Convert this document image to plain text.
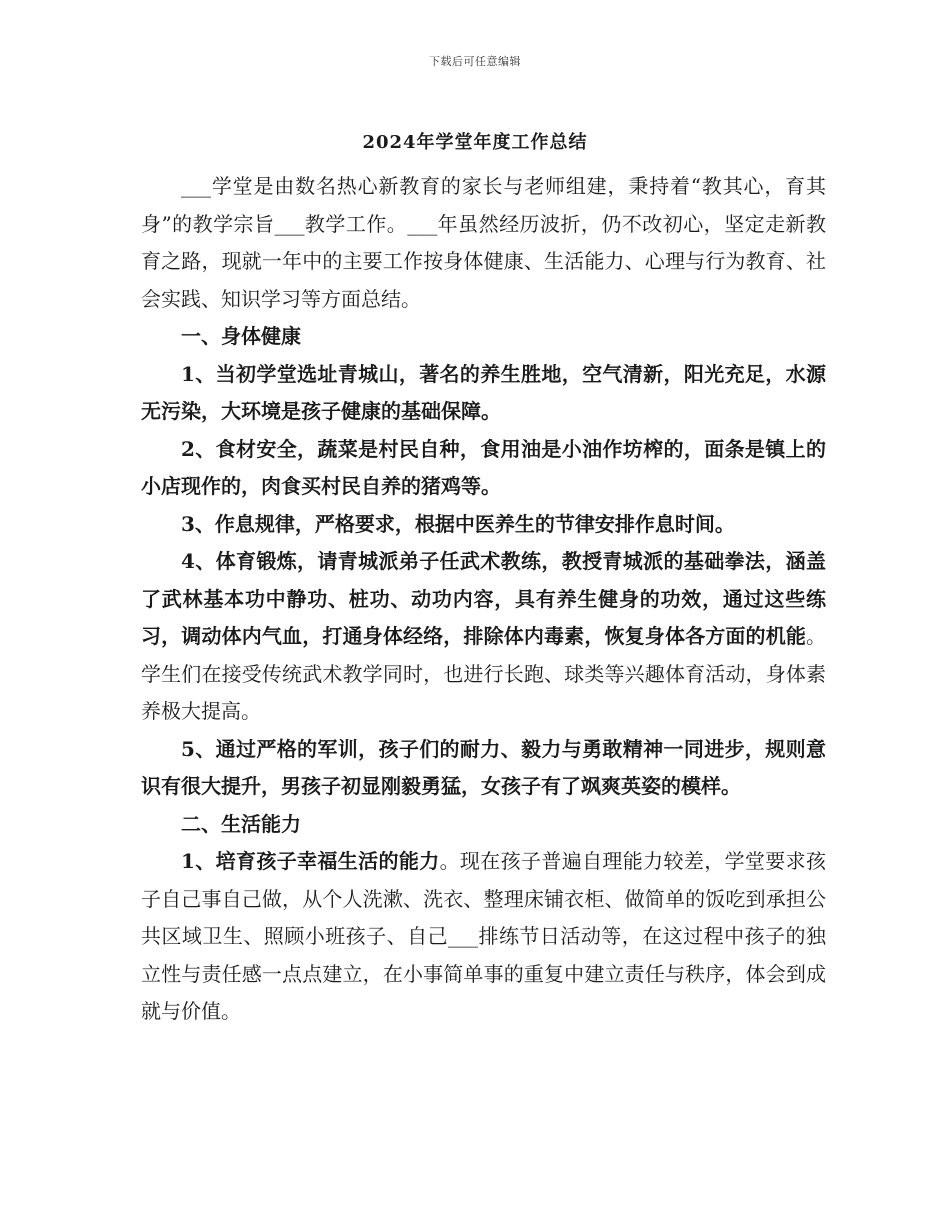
下载后可任意编辑
2024年学堂年度工作总结

___学堂是由数名热心新教育的家长与老师组建，秉持着“教其心，育其身”的教学宗旨___教学工作。___年虽然经历波折，仍不改初心，坚定走新教育之路，现就一年中的主要工作按身体健康、生活能力、心理与行为教育、社会实践、知识学习等方面总结。

一、身体健康

1、当初学堂选址青城山，著名的养生胜地，空气清新，阳光充足，水源无污染，大环境是孩子健康的基础保障。

2、食材安全，蔬菜是村民自种，食用油是小油作坊榨的，面条是镇上的小店现作的，肉食买村民自养的猪鸡等。

3、作息规律，严格要求，根据中医养生的节律安排作息时间。

4、体育锻炼，请青城派弟子任武术教练，教授青城派的基础拳法，涵盖了武林基本功中静功、桩功、动功内容，具有养生健身的功效，通过这些练习，调动体内气血，打通身体经络，排除体内毒素，恢复身体各方面的机能。学生们在接受传统武术教学同时，也进行长跑、球类等兴趣体育活动，身体素养极大提高。

5、通过严格的军训，孩子们的耐力、毅力与勇敢精神一同进步，规则意识有很大提升，男孩子初显刚毅勇猛，女孩子有了飒爽英姿的模样。

二、生活能力

1、培育孩子幸福生活的能力。现在孩子普遍自理能力较差，学堂要求孩子自己事自己做，从个人洗漱、洗衣、整理床铺衣柜、做简单的饭吃到承担公共区域卫生、照顾小班孩子、自己___排练节日活动等，在这过程中孩子的独立性与责任感一点点建立，在小事简单事的重复中建立责任与秩序，体会到成就与价值。
